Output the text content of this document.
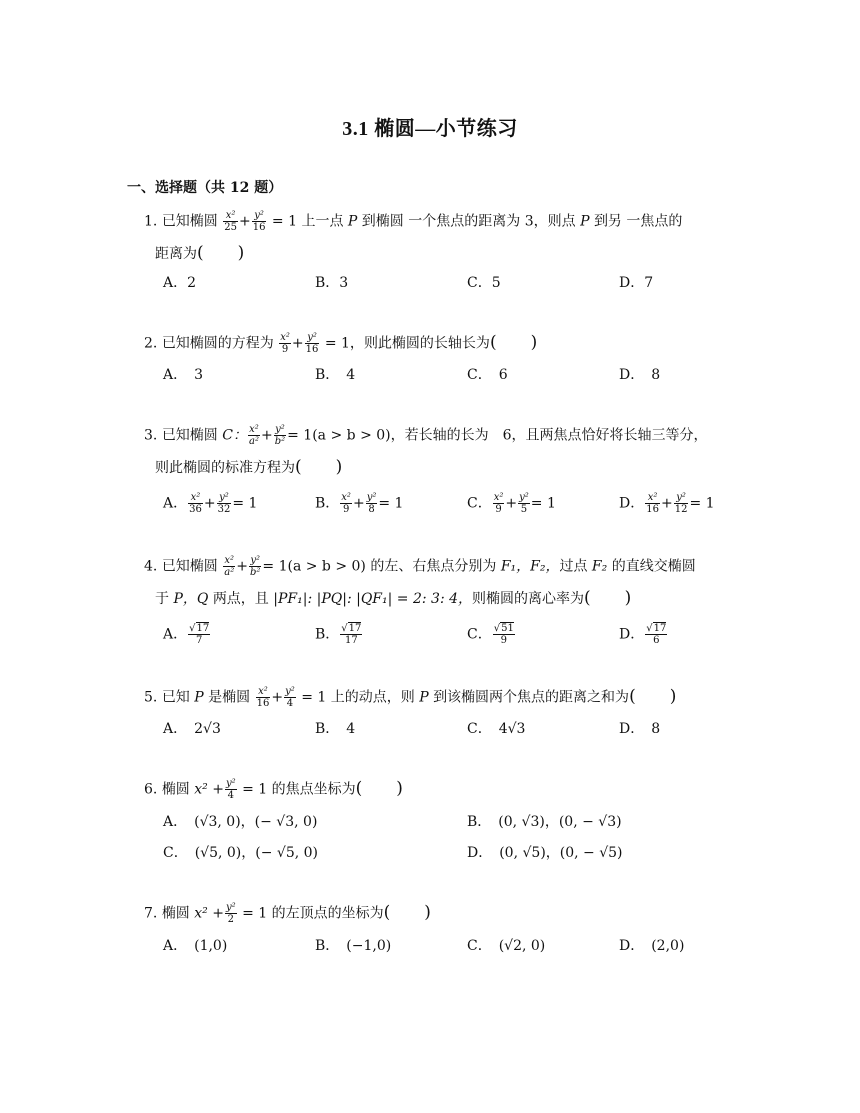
3.1 椭圆—小节练习
一、选择题（共 12 题）
1. 已知椭圆 $\frac{\text{x²}}{25} + \frac{\text{y²}}{16} = 1$ 上一点 P 到椭圆 一个焦点的距离为 3，则点 P 到另 一焦点的
距离为(　　)
A．2	B．3	C．5	D．7
2. 已知椭圆的方程为 $\frac{\text{x²}}{9} + \frac{\text{y²}}{16} = 1$，则此椭圆的长轴长为(　　)
A．　3	B．　4	C．　6	D．　8
3. 已知椭圆 C： $\frac{\text{x²}}{\text{a²}} + \frac{\text{y²}}{\text{b²}} = 1(a > b > 0)$，若长轴的长为　6，且两焦点恰好将长轴三等分，
则此椭圆的标准方程为(　　)
A． $\frac{\text{x²}}{36} + \frac{\text{y²}}{32} = 1$	B． $\frac{\text{x²}}{9} + \frac{\text{y²}}{8} = 1$	C． $\frac{\text{x²}}{9} + \frac{\text{y²}}{5} = 1$	D． $\frac{\text{x²}}{16} + \frac{\text{y²}}{12} = 1$
4. 已知椭圆 $\frac{\text{x²}}{\text{a²}} + \frac{\text{y²}}{\text{b²}} = 1(a > b > 0)$ 的左、右焦点分别为 F₁，F₂，过点 F₂ 的直线交椭圆
于 P，Q 两点，且 |PF₁|: |PQ|: |QF₁| = 2: 3: 4，则椭圆的离心率为(　　)
A． $\frac{√17}{7}$	B． $\frac{√17}{17}$	C． $\frac{√51}{9}$	D． $\frac{√17}{6}$
5. 已知 P 是椭圆 $\frac{\text{x²}}{16} + \frac{\text{y²}}{4} = 1$ 上的动点，则 P 到该椭圆两个焦点的距离之和为(　　)
A．　2√3	B．　4	C．　4√3	D．　8
6. 椭圆 $x^2 + \frac{\text{y²}}{4} = 1$ 的焦点坐标为(　　)
A．　(√3, 0)，(− √3, 0)	B．　(0, √3)，(0, − √3)
C．　(√5, 0)，(− √5, 0)	D．　(0, √5)，(0, − √5)
7. 椭圆 $x^2 + \frac{\text{y²}}{2} = 1$ 的左顶点的坐标为(　　)
A．　(1,0)	B．　(−1,0)	C．　(√2, 0)	D．　(2,0)
